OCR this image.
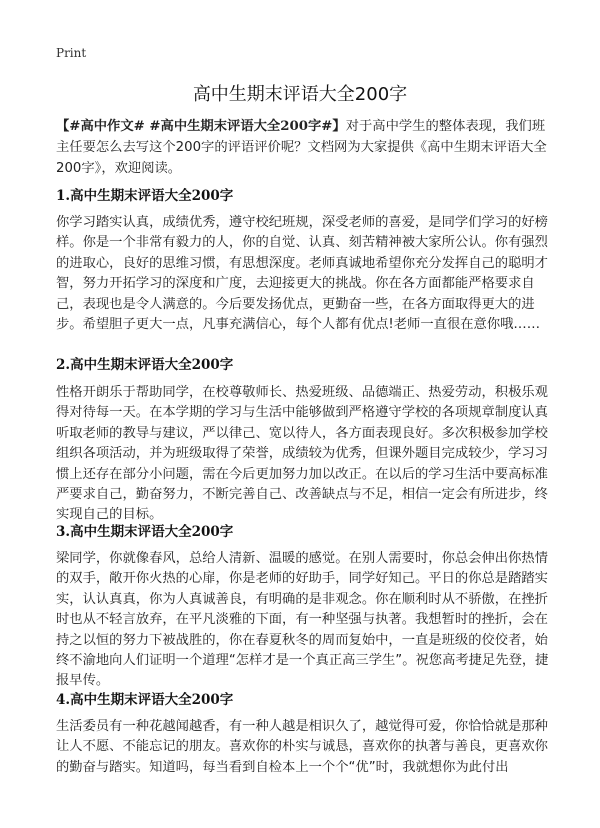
Print
高中生期末评语大全200字

【#高中作文# #高中生期末评语大全200字#】对于高中学生的整体表现，我们班主任要怎么去写这个200字的评语评价呢？文档网为大家提供《高中生期末评语大全200字》，欢迎阅读。

1.高中生期末评语大全200字

你学习踏实认真，成绩优秀，遵守校纪班规，深受老师的喜爱，是同学们学习的好榜样。你是一个非常有毅力的人，你的自觉、认真、刻苦精神被大家所公认。你有强烈的进取心，良好的思维习惯，有思想深度。老师真诚地希望你充分发挥自己的聪明才智，努力开拓学习的深度和广度，去迎接更大的挑战。你在各方面都能严格要求自己，表现也是令人满意的。今后要发扬优点，更勤奋一些，在各方面取得更大的进步。希望胆子更大一点，凡事充满信心，每个人都有优点!老师一直很在意你哦……

2.高中生期末评语大全200字

性格开朗乐于帮助同学，在校尊敬师长、热爱班级、品德端正、热爱劳动，积极乐观得对待每一天。在本学期的学习与生活中能够做到严格遵守学校的各项规章制度认真听取老师的教导与建议，严以律己、宽以待人，各方面表现良好。多次积极参加学校组织各项活动，并为班级取得了荣誉，成绩较为优秀，但课外题目完成较少，学习习惯上还存在部分小问题，需在今后更加努力加以改正。在以后的学习生活中要高标准严要求自己，勤奋努力，不断完善自己、改善缺点与不足，相信一定会有所进步，终实现自己的目标。

3.高中生期末评语大全200字

梁同学，你就像春风，总给人清新、温暖的感觉。在别人需要时，你总会伸出你热情的双手，敞开你火热的心扉，你是老师的好助手，同学好知己。平日的你总是踏踏实实，认认真真，你为人真诚善良，有明确的是非观念。你在顺利时从不骄傲，在挫折时也从不轻言放弃，在平凡淡雅的下面，有一种坚强与执著。我想暂时的挫折，会在持之以恒的努力下被战胜的，你在春夏秋冬的周而复始中，一直是班级的佼佼者，始终不渝地向人们证明一个道理“怎样才是一个真正高三学生”。祝您高考捷足先登，捷报早传。

4.高中生期末评语大全200字

生活委员有一种花越闻越香，有一种人越是相识久了，越觉得可爱，你恰恰就是那种让人不愿、不能忘记的朋友。喜欢你的朴实与诚恳，喜欢你的执著与善良，更喜欢你的勤奋与踏实。知道吗，每当看到自检本上一个个“优”时，我就想你为此付出
